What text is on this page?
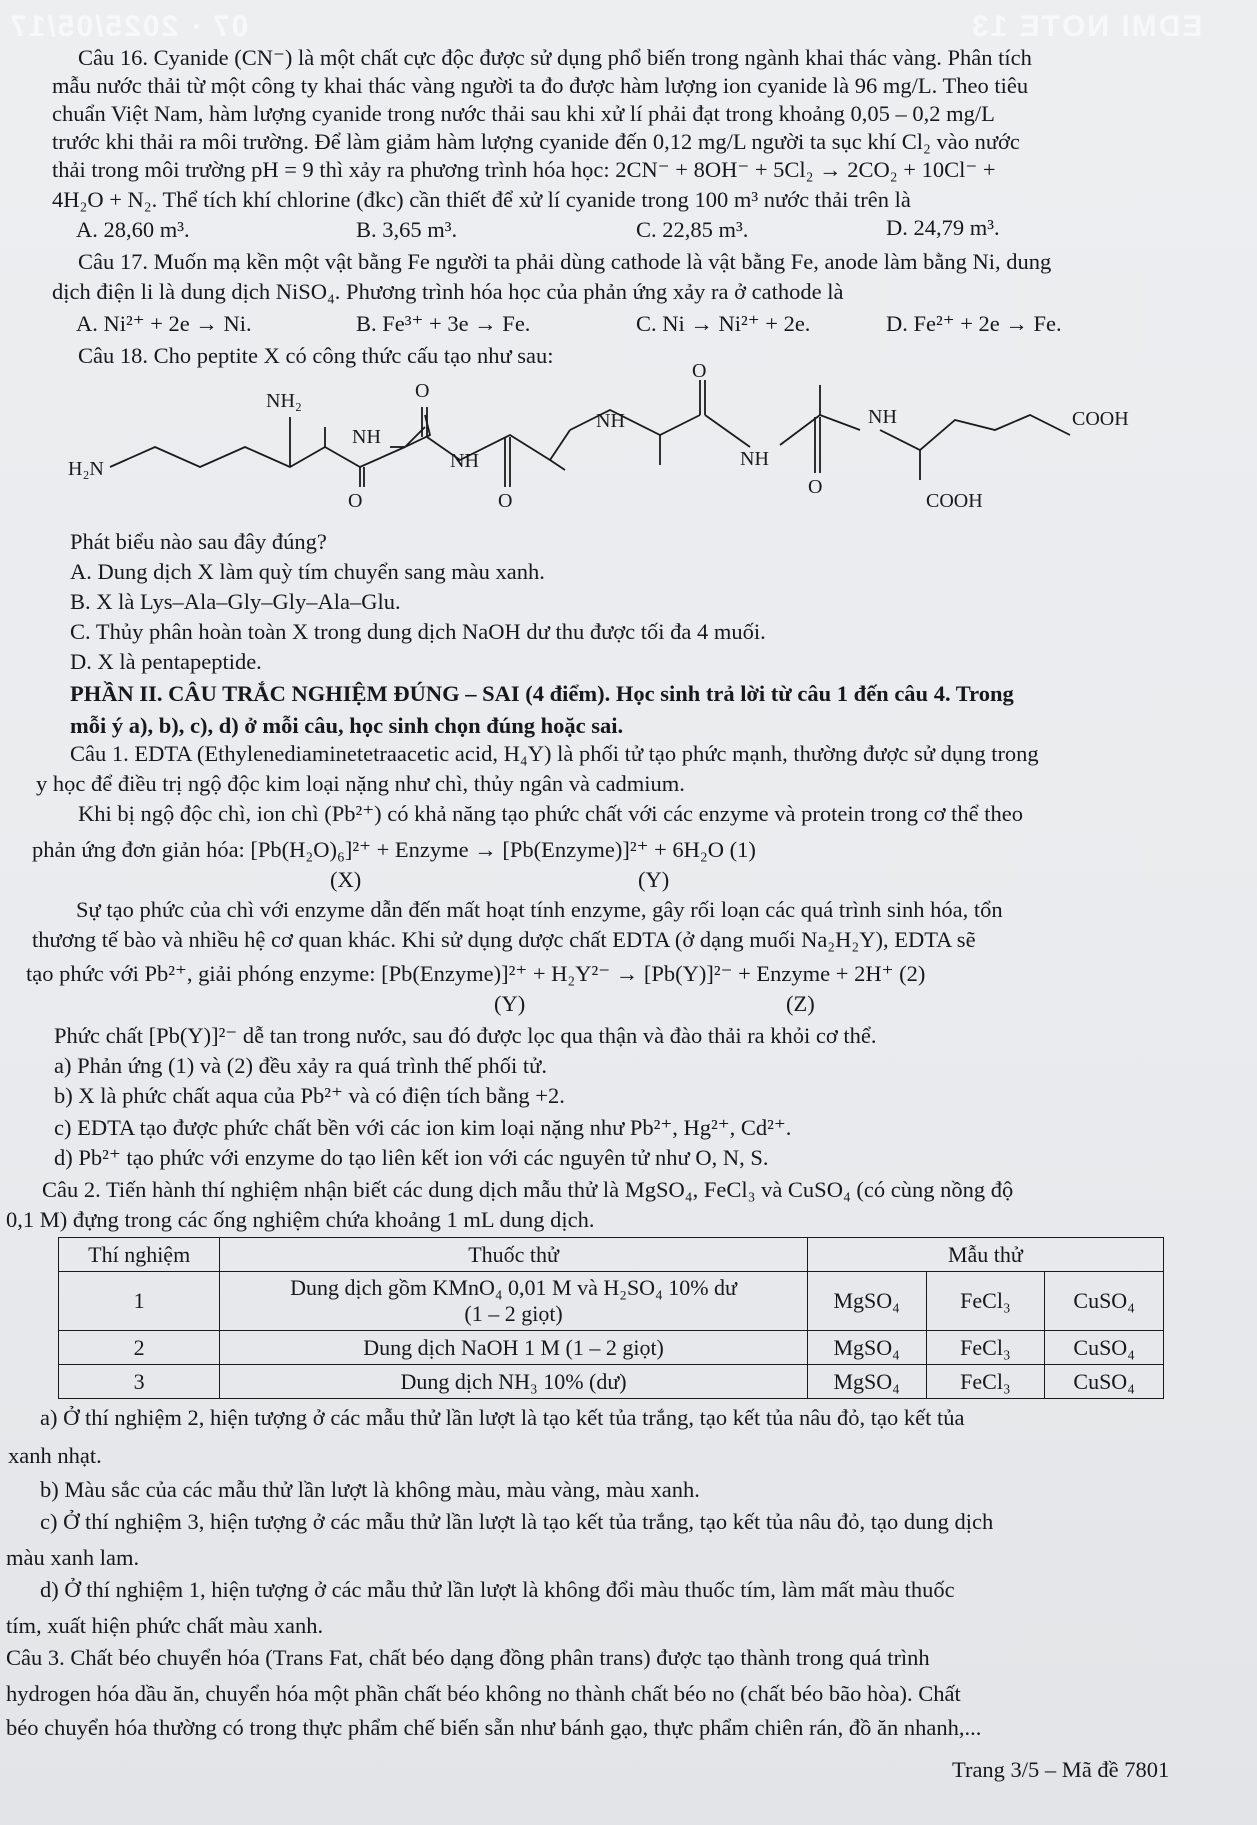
07 · 2025/05/17	EDMI NOTE 13
Câu 16. Cyanide (CN⁻) là một chất cực độc được sử dụng phổ biến trong ngành khai thác vàng. Phân tích
mẫu nước thải từ một công ty khai thác vàng người ta đo được hàm lượng ion cyanide là 96 mg/L. Theo tiêu
chuẩn Việt Nam, hàm lượng cyanide trong nước thải sau khi xử lí phải đạt trong khoảng 0,05 – 0,2 mg/L
trước khi thải ra môi trường. Để làm giảm hàm lượng cyanide đến 0,12 mg/L người ta sục khí Cl₂ vào nước
thải trong môi trường pH = 9 thì xảy ra phương trình hóa học: 2CN⁻ + 8OH⁻ + 5Cl₂ → 2CO₂ + 10Cl⁻ +
4H₂O + N₂. Thể tích khí chlorine (đkc) cần thiết để xử lí cyanide trong 100 m³ nước thải trên là
A. 28,60 m³.	B. 3,65 m³.	C. 22,85 m³.	D. 24,79 m³.
Câu 17. Muốn mạ kền một vật bằng Fe người ta phải dùng cathode là vật bằng Fe, anode làm bằng Ni, dung
dịch điện li là dung dịch NiSO₄. Phương trình hóa học của phản ứng xảy ra ở cathode là
A. Ni²⁺ + 2e → Ni.	B. Fe³⁺ + 3e → Fe.	C. Ni → Ni²⁺ + 2e.	D. Fe²⁺ + 2e → Fe.
Câu 18. Cho peptite X có công thức cấu tạo như sau:
NH₂
H₂N
O
NH
O
NH
O
NH
O
NH
O
NH	COOH
COOH
Phát biểu nào sau đây đúng?
A. Dung dịch X làm quỳ tím chuyển sang màu xanh.
B. X là Lys–Ala–Gly–Gly–Ala–Glu.
C. Thủy phân hoàn toàn X trong dung dịch NaOH dư thu được tối đa 4 muối.
D. X là pentapeptide.
PHẦN II. CÂU TRẮC NGHIỆM ĐÚNG – SAI (4 điểm). Học sinh trả lời từ câu 1 đến câu 4. Trong
mỗi ý a), b), c), d) ở mỗi câu, học sinh chọn đúng hoặc sai.
Câu 1. EDTA (Ethylenediaminetetraacetic acid, H₄Y) là phối tử tạo phức mạnh, thường được sử dụng trong
y học để điều trị ngộ độc kim loại nặng như chì, thủy ngân và cadmium.
Khi bị ngộ độc chì, ion chì (Pb²⁺) có khả năng tạo phức chất với các enzyme và protein trong cơ thể theo
phản ứng đơn giản hóa: [Pb(H₂O)₆]²⁺ + Enzyme → [Pb(Enzyme)]²⁺ + 6H₂O (1)
(X)	(Y)
Sự tạo phức của chì với enzyme dẫn đến mất hoạt tính enzyme, gây rối loạn các quá trình sinh hóa, tổn
thương tế bào và nhiều hệ cơ quan khác. Khi sử dụng dược chất EDTA (ở dạng muối Na₂H₂Y), EDTA sẽ
tạo phức với Pb²⁺, giải phóng enzyme: [Pb(Enzyme)]²⁺ + H₂Y²⁻ → [Pb(Y)]²⁻ + Enzyme + 2H⁺ (2)
(Y)	(Z)
Phức chất [Pb(Y)]²⁻ dễ tan trong nước, sau đó được lọc qua thận và đào thải ra khỏi cơ thể.
a) Phản ứng (1) và (2) đều xảy ra quá trình thế phối tử.
b) X là phức chất aqua của Pb²⁺ và có điện tích bằng +2.
c) EDTA tạo được phức chất bền với các ion kim loại nặng như Pb²⁺, Hg²⁺, Cd²⁺.
d) Pb²⁺ tạo phức với enzyme do tạo liên kết ion với các nguyên tử như O, N, S.
Câu 2. Tiến hành thí nghiệm nhận biết các dung dịch mẫu thử là MgSO₄, FeCl₃ và CuSO₄ (có cùng nồng độ
0,1 M) đựng trong các ống nghiệm chứa khoảng 1 mL dung dịch.
Thí nghiệm	Thuốc thử	Mẫu thử		
1	Dung dịch gồm KMnO₄ 0,01 M và H₂SO₄ 10% dư
(1 – 2 giọt)	MgSO₄	FeCl₃	CuSO₄
2	Dung dịch NaOH 1 M (1 – 2 giọt)	MgSO₄	FeCl₃	CuSO₄
3	Dung dịch NH₃ 10% (dư)	MgSO₄	FeCl₃	CuSO₄
a) Ở thí nghiệm 2, hiện tượng ở các mẫu thử lần lượt là tạo kết tủa trắng, tạo kết tủa nâu đỏ, tạo kết tủa
xanh nhạt.
b) Màu sắc của các mẫu thử lần lượt là không màu, màu vàng, màu xanh.
c) Ở thí nghiệm 3, hiện tượng ở các mẫu thử lần lượt là tạo kết tủa trắng, tạo kết tủa nâu đỏ, tạo dung dịch
màu xanh lam.
d) Ở thí nghiệm 1, hiện tượng ở các mẫu thử lần lượt là không đổi màu thuốc tím, làm mất màu thuốc
tím, xuất hiện phức chất màu xanh.
Câu 3. Chất béo chuyển hóa (Trans Fat, chất béo dạng đồng phân trans) được tạo thành trong quá trình
hydrogen hóa dầu ăn, chuyển hóa một phần chất béo không no thành chất béo no (chất béo bão hòa). Chất
béo chuyển hóa thường có trong thực phẩm chế biến sẵn như bánh gạo, thực phẩm chiên rán, đồ ăn nhanh,...
Trang 3/5 – Mã đề 7801
